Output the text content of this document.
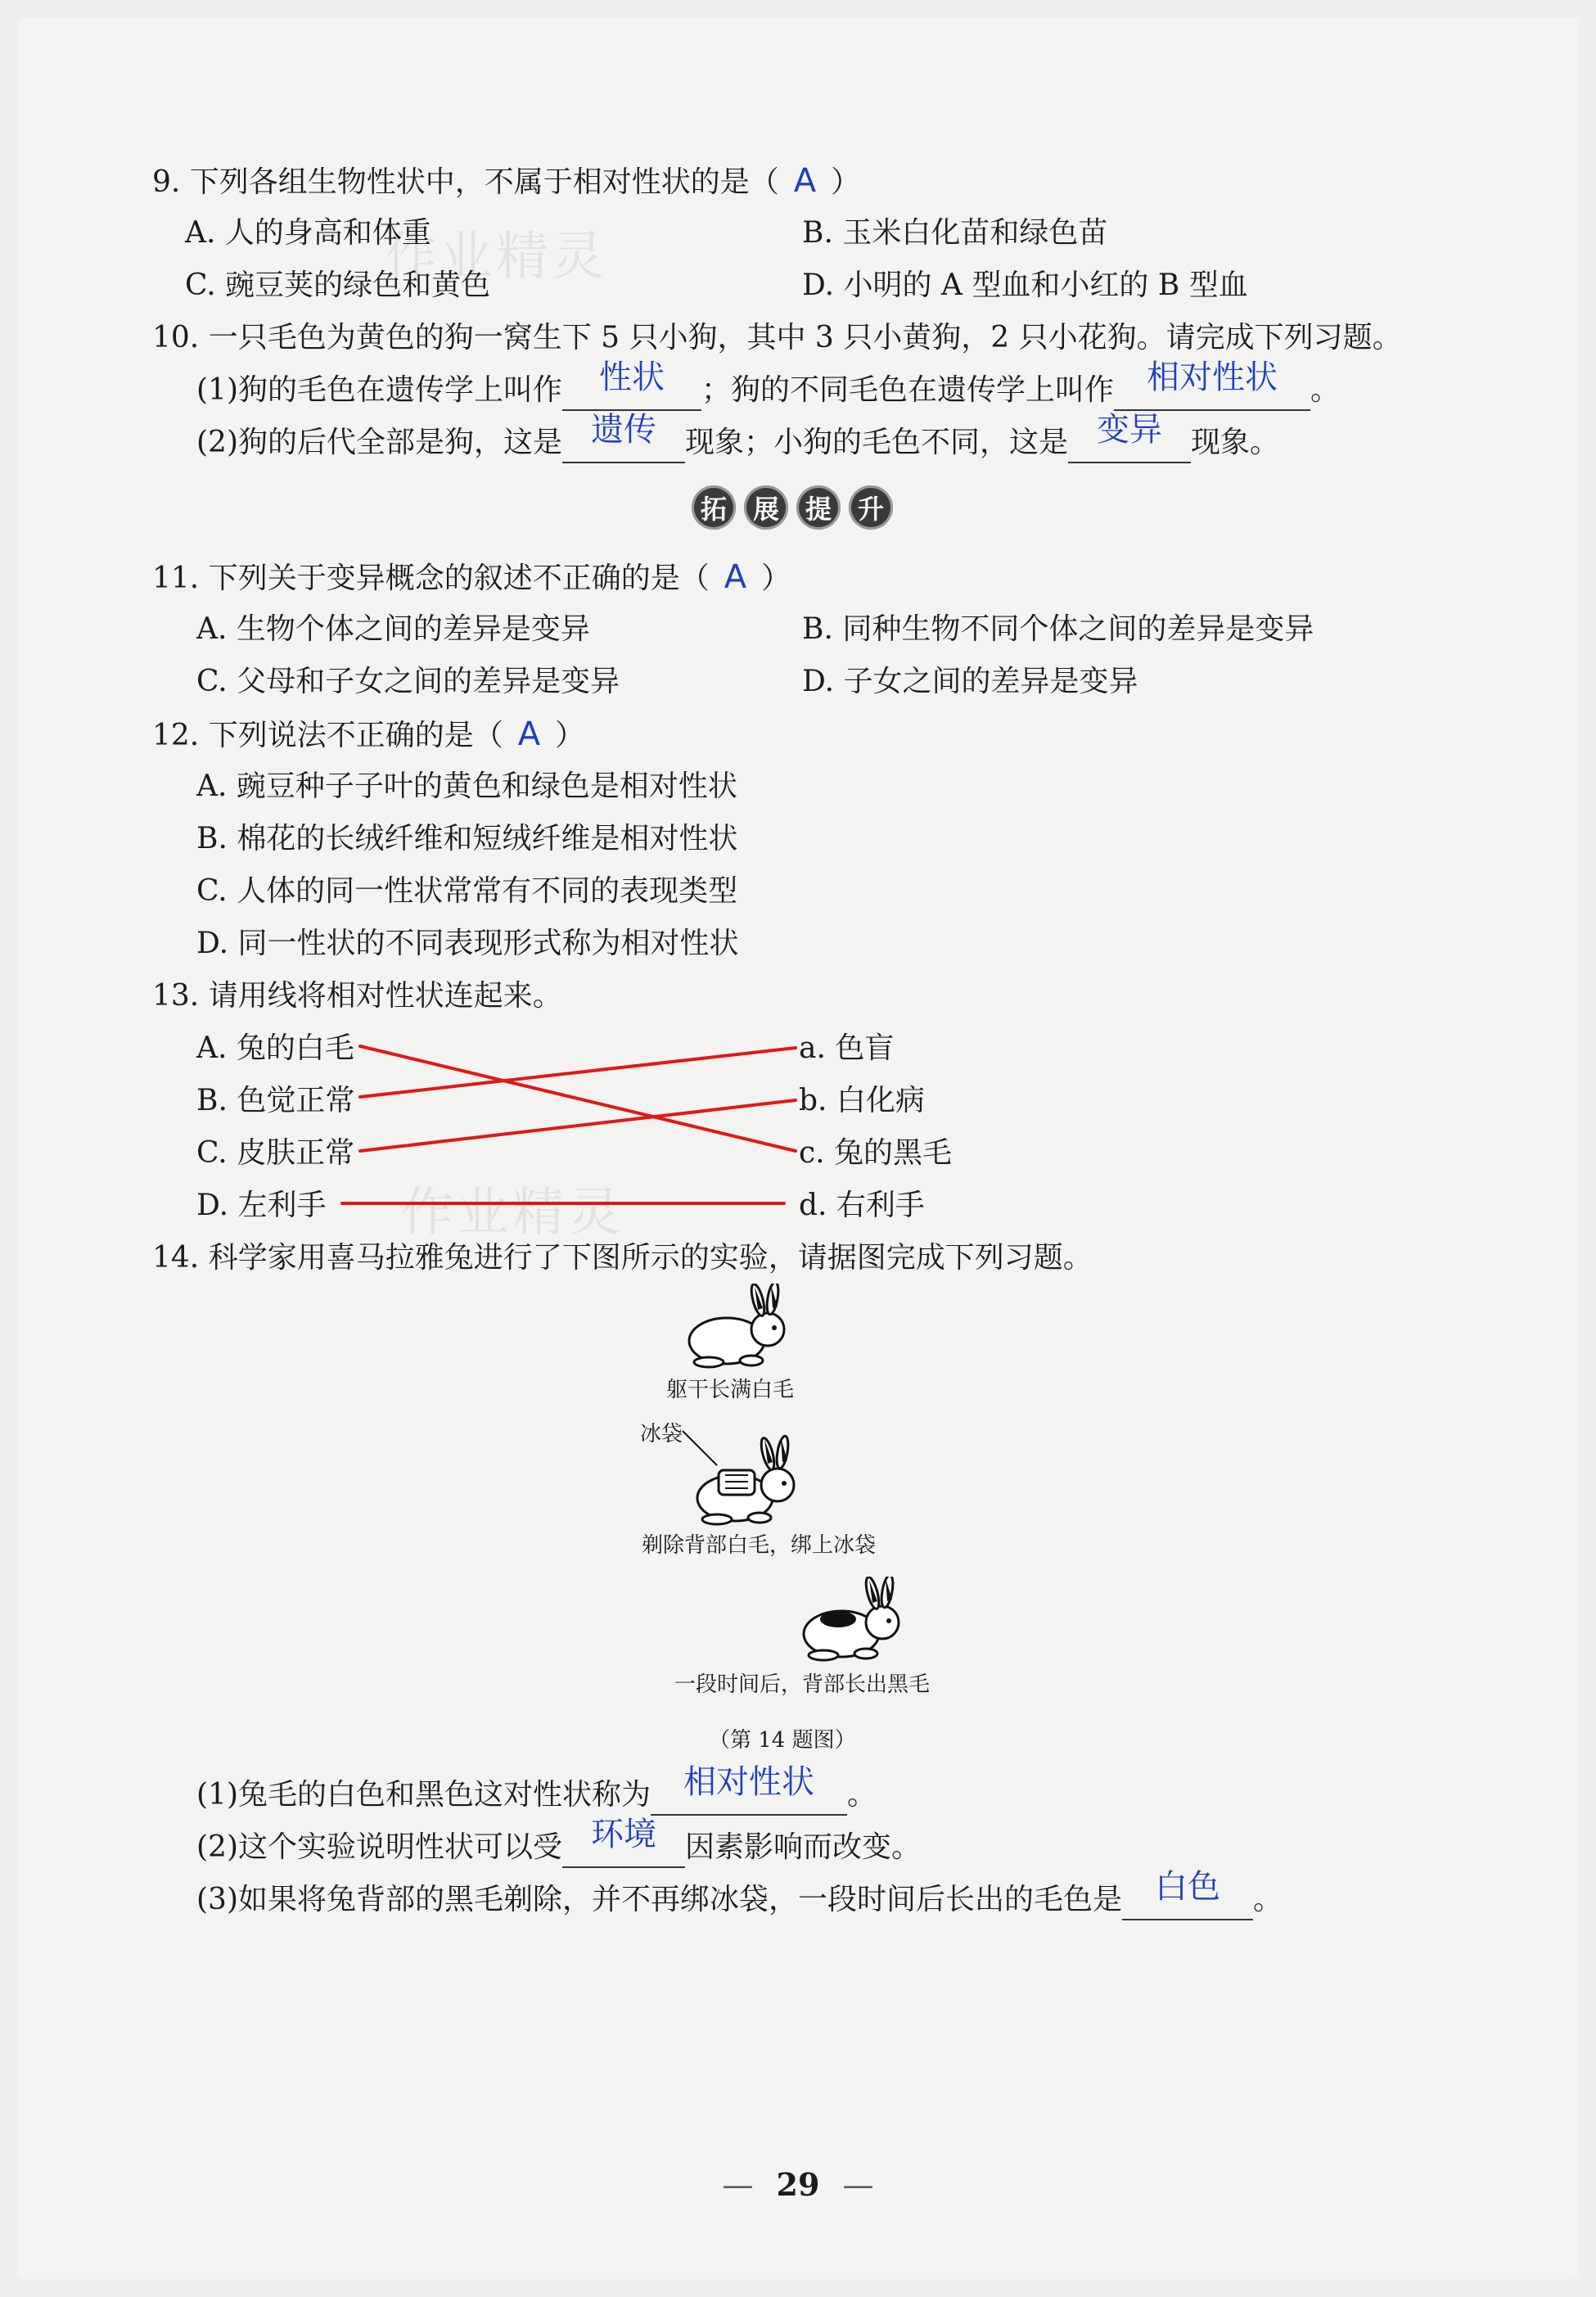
作业精灵
作业精灵
9. 下列各组生物性状中，不属于相对性状的是（ A ）
A. 人的身高和体重	B. 玉米白化苗和绿色苗
C. 豌豆荚的绿色和黄色	D. 小明的 A 型血和小红的 B 型血
10. 一只毛色为黄色的狗一窝生下 5 只小狗，其中 3 只小黄狗，2 只小花狗。请完成下列习题。
(1)狗的毛色在遗传学上叫作 性状 ；狗的不同毛色在遗传学上叫作 相对性状 。
(2)狗的后代全部是狗，这是 遗传 现象；小狗的毛色不同，这是 变异 现象。
拓 展 提 升
11. 下列关于变异概念的叙述不正确的是（ A ）
A. 生物个体之间的差异是变异	B. 同种生物不同个体之间的差异是变异
C. 父母和子女之间的差异是变异	D. 子女之间的差异是变异
12. 下列说法不正确的是（ A ）
A. 豌豆种子子叶的黄色和绿色是相对性状
B. 棉花的长绒纤维和短绒纤维是相对性状
C. 人体的同一性状常常有不同的表现类型
D. 同一性状的不同表现形式称为相对性状
13. 请用线将相对性状连起来。
A. 兔的白毛
B. 色觉正常
C. 皮肤正常
D. 左利手
a. 色盲
b. 白化病
c. 兔的黑毛
d. 右利手
14. 科学家用喜马拉雅兔进行了下图所示的实验，请据图完成下列习题。
躯干长满白毛
冰袋
剃除背部白毛，绑上冰袋
一段时间后，背部长出黑毛
（第 14 题图）
(1)兔毛的白色和黑色这对性状称为 相对性状 。
(2)这个实验说明性状可以受 环境 因素影响而改变。
(3)如果将兔背部的黑毛剃除，并不再绑冰袋，一段时间后长出的毛色是 白色 。
— 29 —
